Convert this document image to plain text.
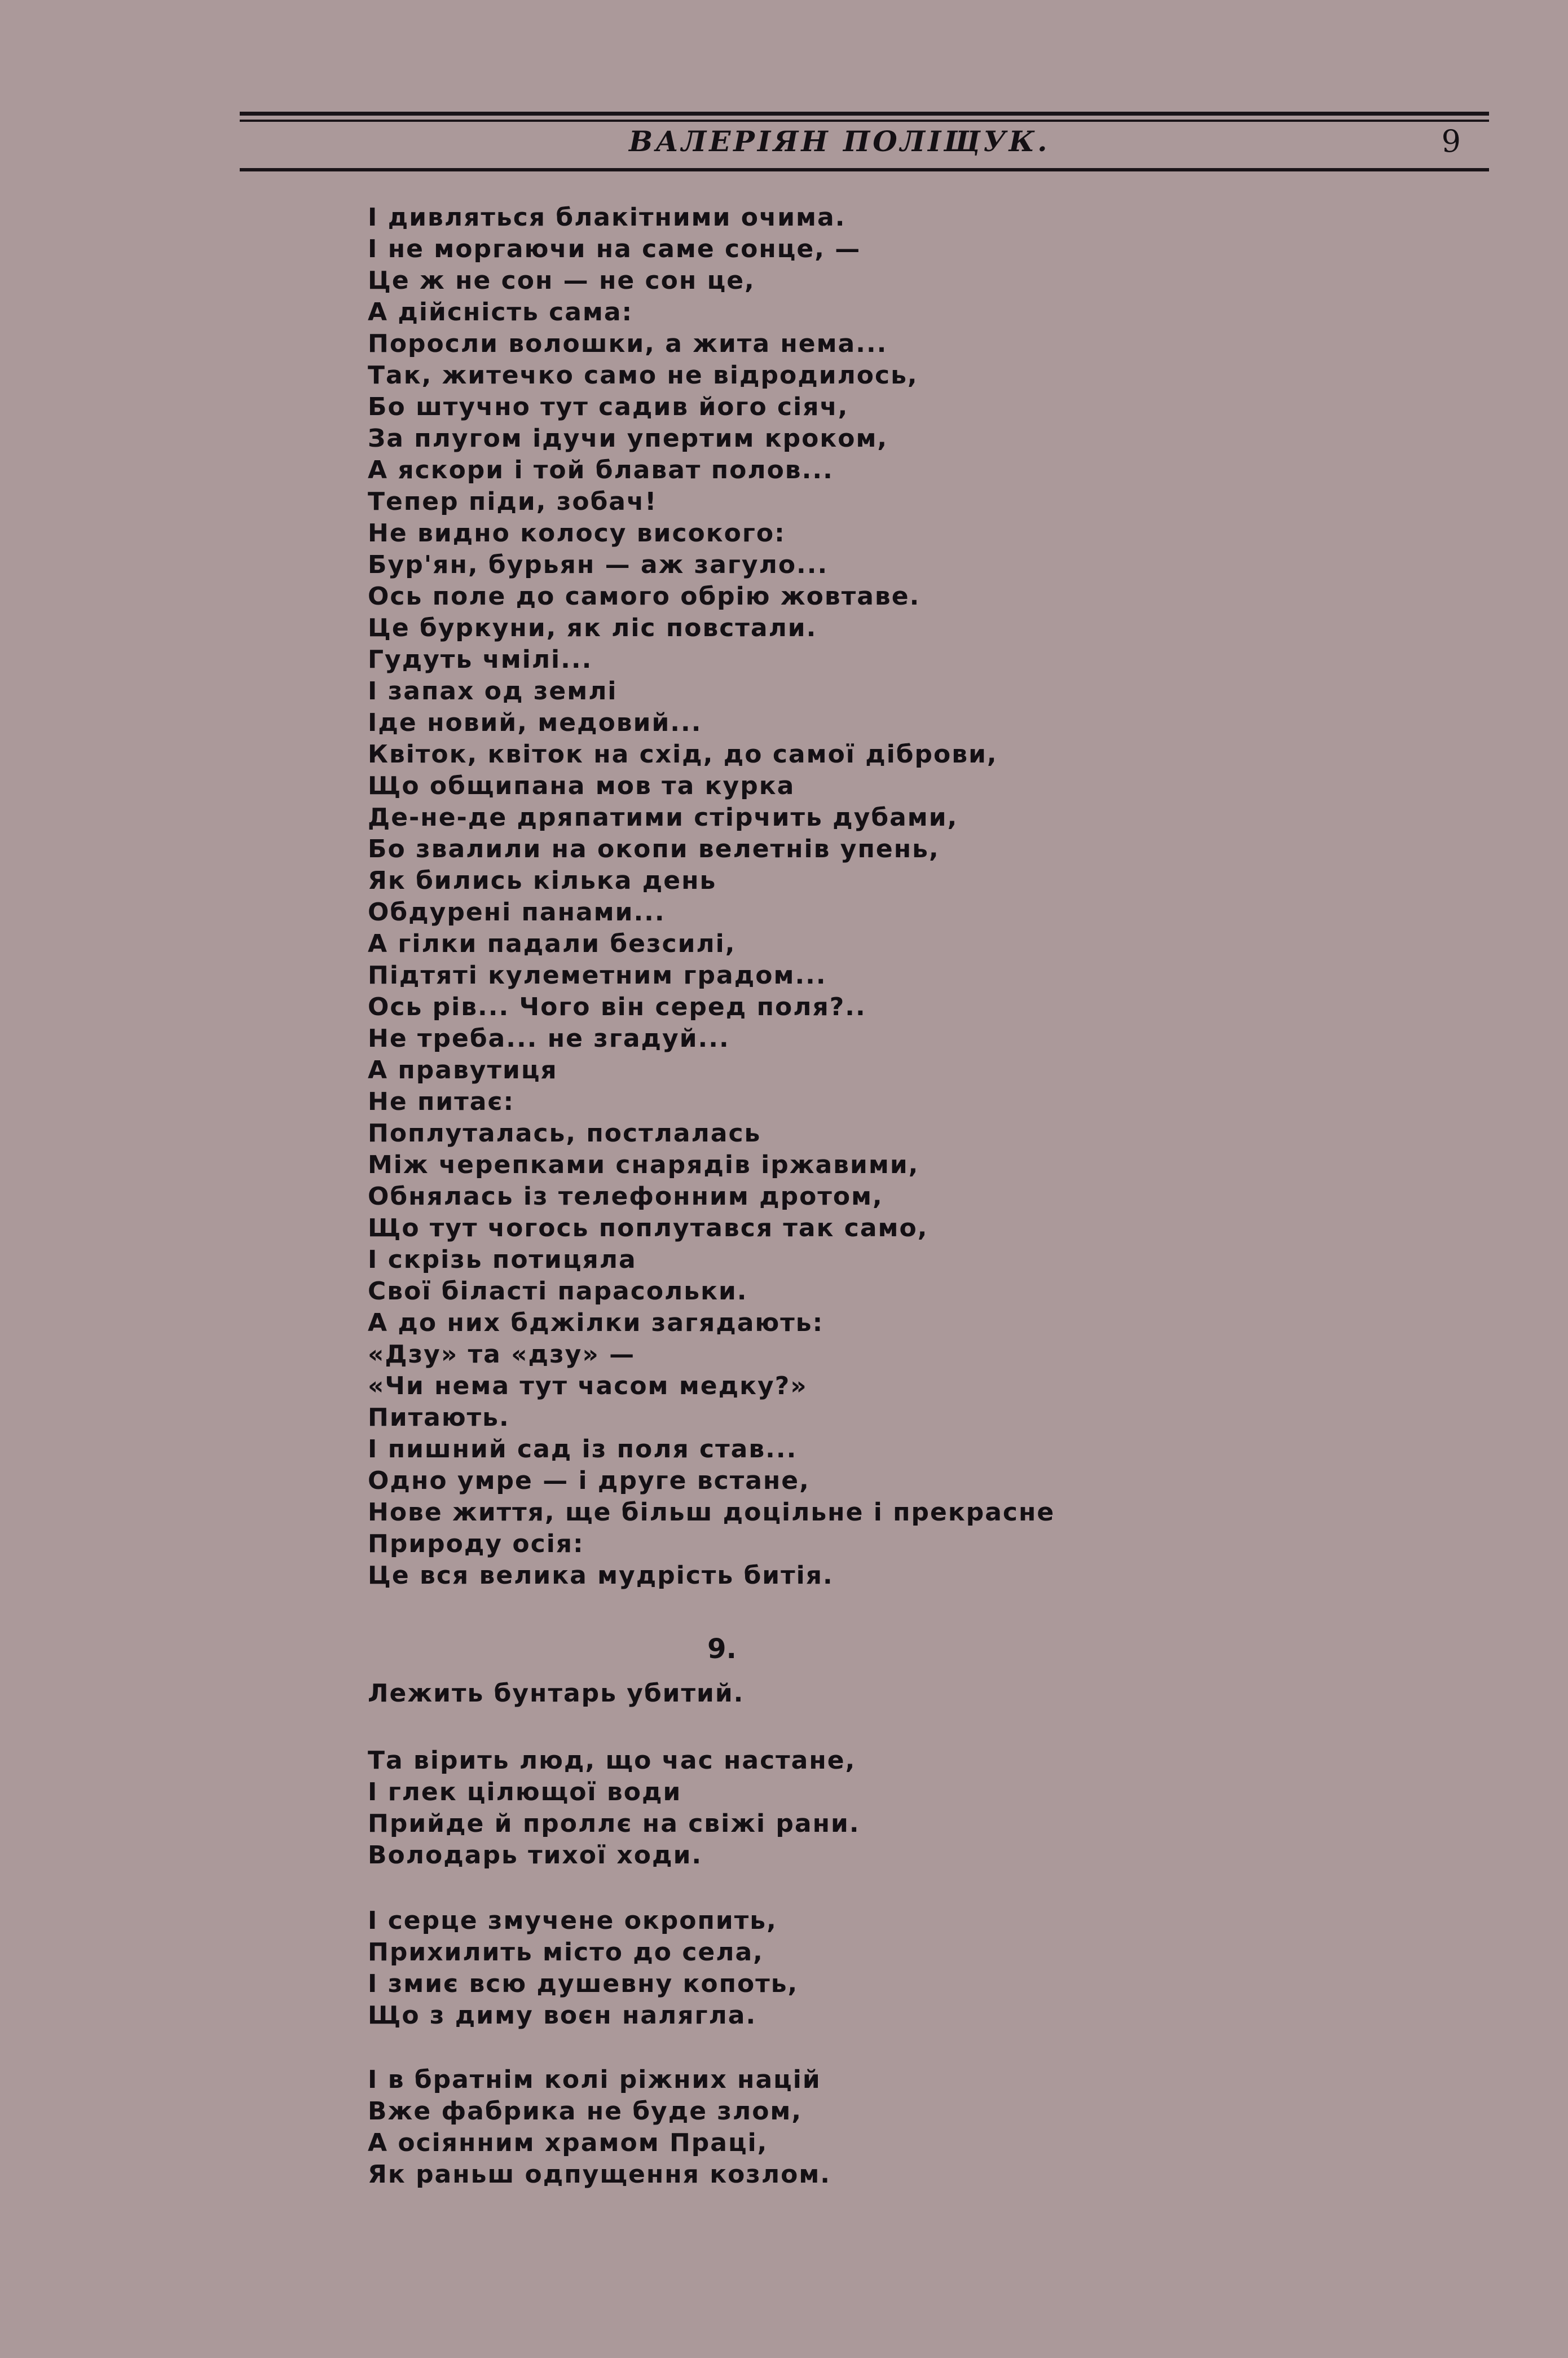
ВАЛЕРІЯН ПОЛІЩУК.	9
І дивляться блакітними очима.
І не моргаючи на саме сонце, —
Це ж не сон — не сон це,
А дійсність сама:
Поросли волошки, а жита нема...
Так, житечко само не відродилось,
Бо штучно тут садив його сіяч,
За плугом ідучи упертим кроком,
А яскори і той блават полов...
Тепер піди, зобач!
Не видно колосу високого:
Бур'ян, бурьян — аж загуло...
Ось поле до самого обрію жовтаве.
Це буркуни, як ліс повстали.
Гудуть чмілі...
І запах од землі
Іде новий, медовий...
Квіток, квіток на схід, до самої діброви,
Що общипана мов та курка
Де-не-де дряпатими стірчить дубами,
Бо звалили на окопи велетнів упень,
Як бились кілька день
Обдурені панами...
А гілки падали безсилі,
Підтяті кулеметним градом...
Ось рів... Чого він серед поля?..
Не треба... не згадуй...
А правутиця
Не питає:
Поплуталась, постлалась
Між черепками снарядів іржавими,
Обнялась із телефонним дротом,
Що тут чогось поплутався так само,
І скрізь потицяла
Свої біласті парасольки.
А до них бджілки загядають:
«Дзу» та «дзу» —
«Чи нема тут часом медку?»
Питають.
І пишний сад із поля став...
Одно умре — і друге встане,
Нове життя, ще більш доцільне і прекрасне
Природу осія:
Це вся велика мудрість битія.
9.
Лежить бунтарь убитий.
Та вірить люд, що час настане,
І глек цілющої води
Прийде й проллє на свіжі рани.
Володарь тихої ходи.
І серце змучене окропить,
Прихилить місто до села,
І змиє всю душевну копоть,
Що з диму воєн налягла.
І в братнім колі ріжних націй
Вже фабрика не буде злом,
А осіянним храмом Праці,
Як раньш одпущення козлом.
